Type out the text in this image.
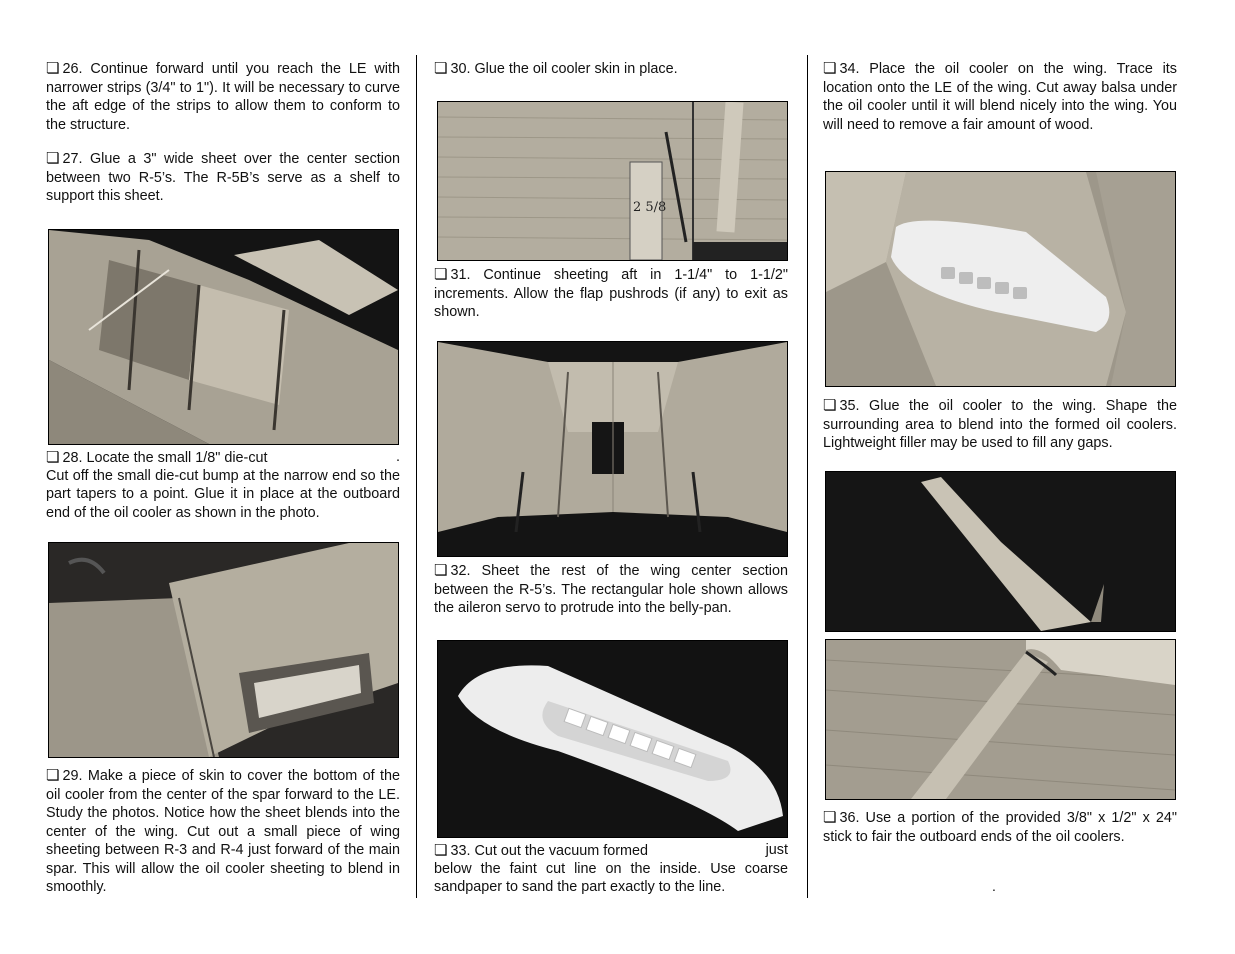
❏ 26. Continue forward until you reach the LE with narrower strips (3/4" to 1"). It will be necessary to curve the aft edge of the strips to allow them to conform to the structure.
❏ 27. Glue a 3" wide sheet over the center section between two R-5’s. The R-5B’s serve as a shelf to support this sheet.
❏ 28. Locate the small 1/8" die-cut	.
Cut off the small die-cut bump at the narrow end so the part tapers to a point. Glue it in place at the outboard end of the oil cooler as shown in the photo.
❏ 29. Make a piece of skin to cover the bottom of the oil cooler from the center of the spar forward to the LE. Study the photos. Notice how the sheet blends into the center of the wing. Cut out a small piece of wing sheeting between R-3 and R-4 just forward of the main spar. This will allow the oil cooler sheeting to blend in smoothly.
❏ 30. Glue the oil cooler skin in place.
2 5/8
❏ 31. Continue sheeting aft in 1-1/4" to 1-1/2" increments. Allow the flap pushrods (if any) to exit as shown.
❏ 32. Sheet the rest of the wing center section between the R-5’s. The rectangular hole shown allows the aileron servo to protrude into the belly-pan.
❏ 33. Cut out the vacuum formed	just
below the faint cut line on the inside. Use coarse sandpaper to sand the part exactly to the line.
❏ 34. Place the oil cooler on the wing. Trace its location onto the LE of the wing. Cut away balsa under the oil cooler until it will blend nicely into the wing. You will need to remove a fair amount of wood.
❏ 35. Glue the oil cooler to the wing. Shape the surrounding area to blend into the formed oil coolers. Lightweight filler may be used to fill any gaps.
❏ 36. Use a portion of the provided 3/8" x 1/2" x 24" stick to fair the outboard ends of the oil coolers.
.
